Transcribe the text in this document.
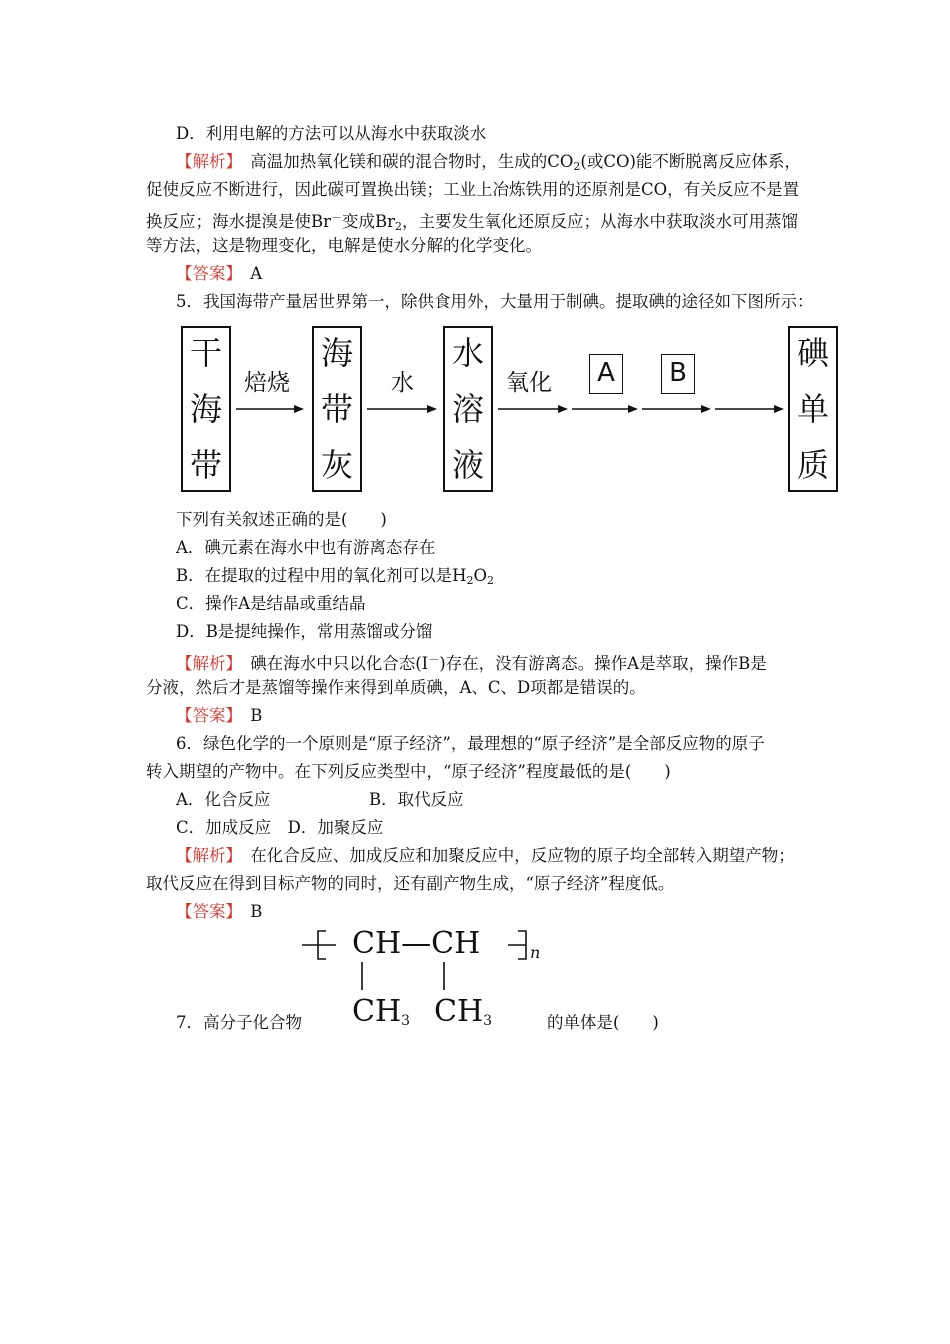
D．利用电解的方法可以从海水中获取淡水
【解析】　高温加热氧化镁和碳的混合物时，生成的$CO_2$(或CO)能不断脱离反应体系，
促使反应不断进行，因此碳可置换出镁；工业上冶炼铁用的还原剂是CO，有关反应不是置
换反应；海水提溴是使Br－变成$Br_2$，主要发生氧化还原反应；从海水中获取淡水可用蒸馏
等方法，这是物理变化，电解是使水分解的化学变化。
【答案】　A
5．我国海带产量居世界第一，除供食用外，大量用于制碘。提取碘的途径如下图所示：
干
海
带
海
带
灰
水
溶
液
碘
单
质
A	B
焙烧	水	氧化
下列有关叙述正确的是(　　)
A．碘元素在海水中也有游离态存在
B．在提取的过程中用的氧化剂可以是$H_2O_2$
C．操作A是结晶或重结晶
D．B是提纯操作，常用蒸馏或分馏
【解析】　碘在海水中只以化合态(I－)存在，没有游离态。操作A是萃取，操作B是
分液，然后才是蒸馏等操作来得到单质碘，A、C、D项都是错误的。
【答案】　B
6．绿色化学的一个原则是“原子经济”，最理想的“原子经济”是全部反应物的原子
转入期望的产物中。在下列反应类型中，“原子经济”程度最低的是(　　)
A．化合反应	B．取代反应
C．加成反应　D．加聚反应
【解析】　在化合反应、加成反应和加聚反应中，反应物的原子均全部转入期望产物；
取代反应在得到目标产物的同时，还有副产物生成，“原子经济”程度低。
【答案】　B
CH—CH	n
CH3 CH3
7．高分子化合物	的单体是(　　)
